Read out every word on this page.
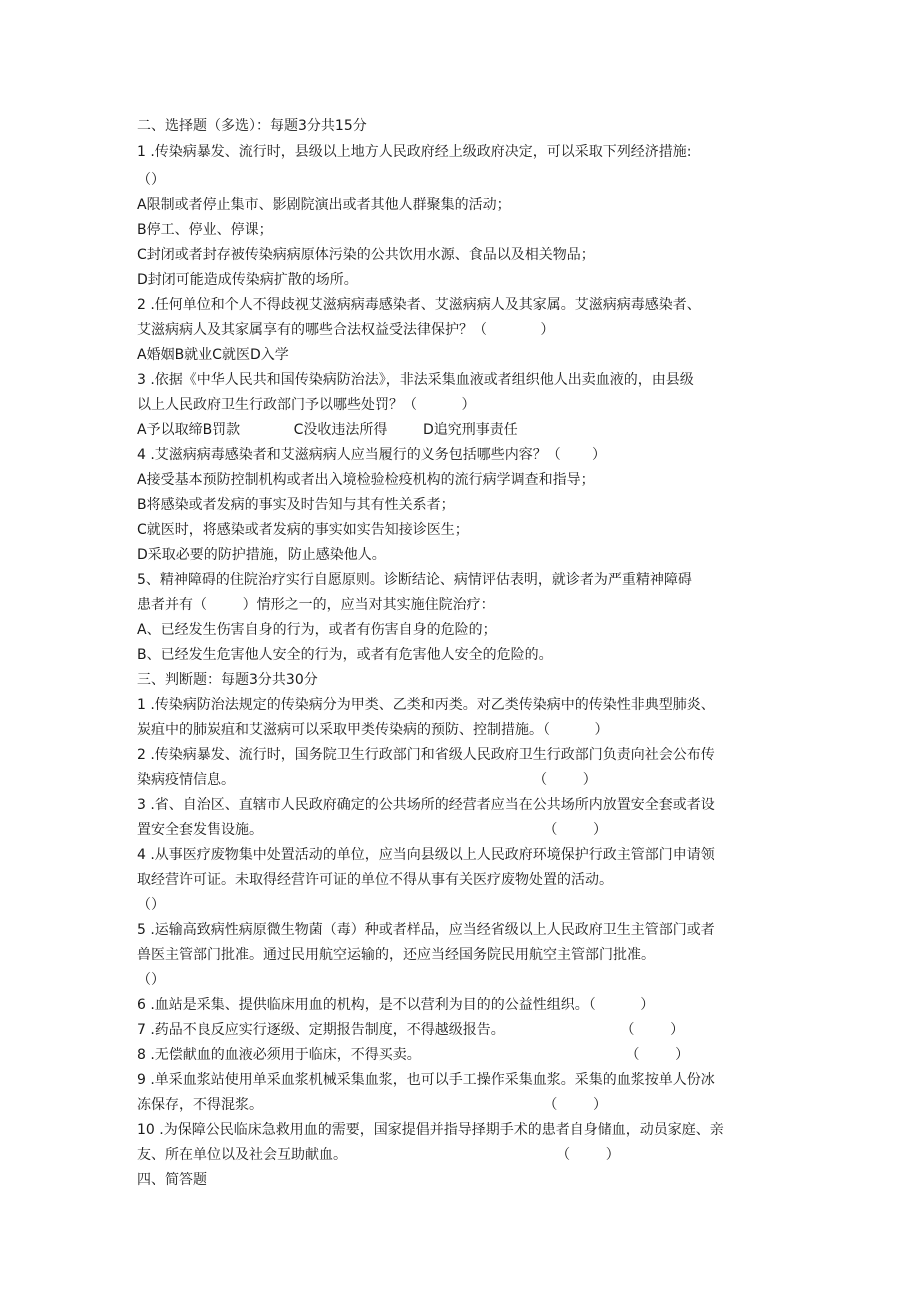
二、选择题（多选）：每题3分共15分

1 .传染病暴发、流行时，县级以上地方人民政府经上级政府决定，可以采取下列经济措施:

（）

A限制或者停止集市、影剧院演出或者其他人群聚集的活动；

B停工、停业、停课；

C封闭或者封存被传染病病原体污染的公共饮用水源、食品以及相关物品；

D封闭可能造成传染病扩散的场所。

2 .任何单位和个人不得歧视艾滋病病毒感染者、艾滋病病人及其家属。艾滋病病毒感染者、

艾滋病病人及其家属享有的哪些合法权益受法律保护？（            ）

A婚姻B就业C就医D入学

3 .依据《中华人民共和国传染病防治法》，非法采集血液或者组织他人出卖血液的，由县级

以上人民政府卫生行政部门予以哪些处罚？（          ）

A予以取缔B罚款            C没收违法所得        D追究刑事责任

4 .艾滋病病毒感染者和艾滋病病人应当履行的义务包括哪些内容？（       ）

A接受基本预防控制机构或者出入境检验检疫机构的流行病学调查和指导；

B将感染或者发病的事实及时告知与其有性关系者；

C就医时，将感染或者发病的事实如实告知接诊医生；

D采取必要的防护措施，防止感染他人。

5、精神障碍的住院治疗实行自愿原则。诊断结论、病情评估表明，就诊者为严重精神障碍

患者并有（        ）情形之一的，应当对其实施住院治疗：

A、已经发生伤害自身的行为，或者有伤害自身的危险的；

B、已经发生危害他人安全的行为，或者有危害他人安全的危险的。

三、判断题：每题3分共30分

1 .传染病防治法规定的传染病分为甲类、乙类和丙类。对乙类传染病中的传染性非典型肺炎、

炭疽中的肺炭疽和艾滋病可以采取甲类传染病的预防、控制措施。（          ）

2 .传染病暴发、流行时，国务院卫生行政部门和省级人民政府卫生行政部门负责向社会公布传

染病疫情信息。                                                                   （        ）

3 .省、自治区、直辖市人民政府确定的公共场所的经营者应当在公共场所内放置安全套或者设

置安全套发售设施。                                                               （        ）

4 .从事医疗废物集中处置活动的单位，应当向县级以上人民政府环境保护行政主管部门申请领

取经营许可证。未取得经营许可证的单位不得从事有关医疗废物处置的活动。

（）

5 .运输高致病性病原微生物菌（毒）种或者样品，应当经省级以上人民政府卫生主管部门或者

兽医主管部门批准。通过民用航空运输的，还应当经国务院民用航空主管部门批准。

（）

6 .血站是采集、提供临床用血的机构，是不以营利为目的的公益性组织。（          ）

7 .药品不良反应实行逐级、定期报告制度，不得越级报告。                          （        ）

8 .无偿献血的血液必须用于临床，不得买卖。                                              （        ）

9 .单采血浆站使用单采血浆机械采集血浆，也可以手工操作采集血浆。采集的血浆按单人份冰

冻保存，不得混浆。                                                               （        ）

10 .为保障公民临床急救用血的需要，国家提倡并指导择期手术的患者自身储血，动员家庭、亲

友、所在单位以及社会互助献血。                                               （        ）

四、简答题
